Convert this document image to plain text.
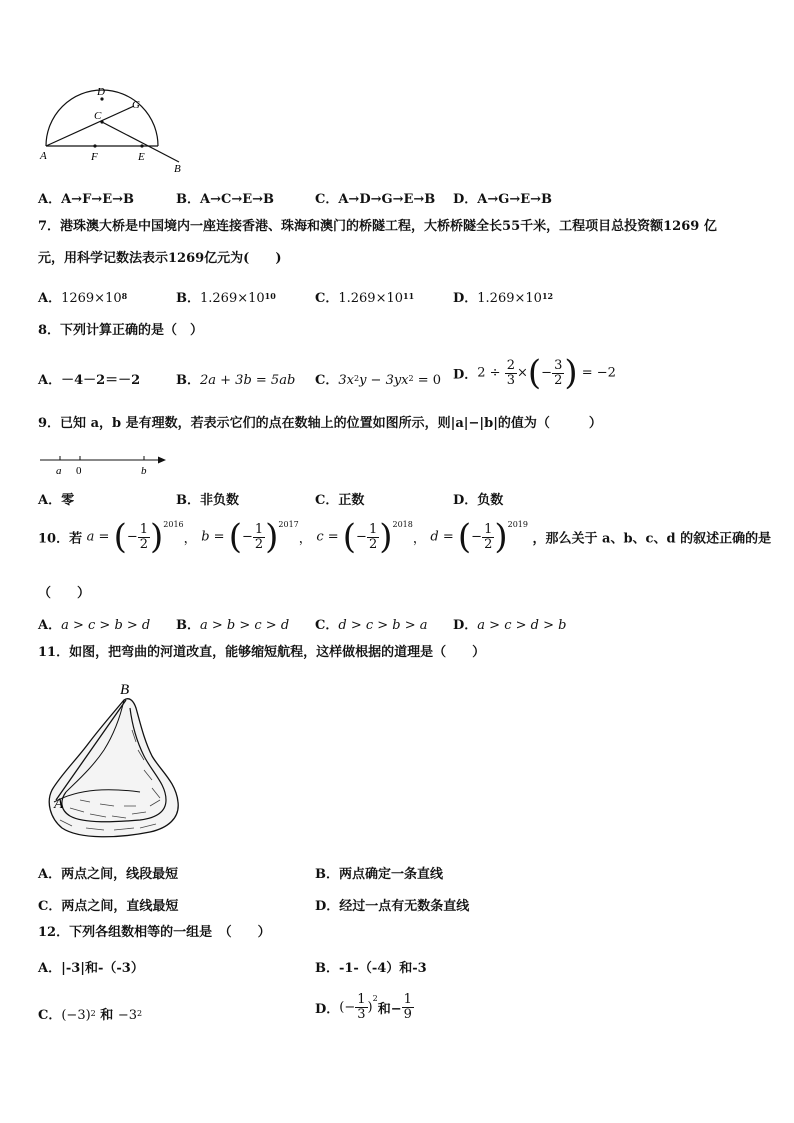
D
G
C
A	F	E
B
A．A→F→E→B	B．A→C→E→B	C．A→D→G→E→B D．A→G→E→B
7．港珠澳大桥是中国境内一座连接香港、珠海和澳门的桥隧工程，大桥桥隧全长55千米，工程项目总投资额1269 亿
元，用科学记数法表示1269亿元为(　　)
A．$1269\times 10^8$	B．$1.269\times 10^{10}$	C．$1.269\times 10^{11}$	D．$1.269\times 10^{12}$
8．下列计算正确的是（　）
A．－4－2＝－2	B．2a + 3b = 5ab C．$3x^2y - 3yx^2 = 0$ D．$2 \div \frac{2}{3}$ ×(− $\frac{3}{2}$ ) = −2
9．已知 a，b 是有理数，若表示它们的点在数轴上的位置如图所示，则|a|−|b|的值为（　　　）
a 0	b
A．零	B．非负数	C．正数	D．负数
10．若 a = (− $\frac{1}{2} )^{2016}$， b = (− $\frac{1}{2} )^{2017}$， c = (− $\frac{1}{2} )^{2018}$， d = (− $\frac{1}{2} )^{2019}$ ，那么关于 a、b、c、d 的叙述正确的是
（　　）
A．a > c > b > d B．a > b > c > d C．d > c > b > a D．a > c > d > b
11．如图，把弯曲的河道改直，能够缩短航程，这样做根据的道理是（　　）
B
A
A．两点之间，线段最短	B．两点确定一条直线
C．两点之间，直线最短	D．经过一点有无数条直线
12．下列各组数相等的一组是　（　　）
A．|-3|和-（-3）	B．-1-（-4）和-3
C．$(-3)^2$ 和 $-3^2$	D．(− $\frac{1}{3} )^2$和− $\frac{1}{9}$
